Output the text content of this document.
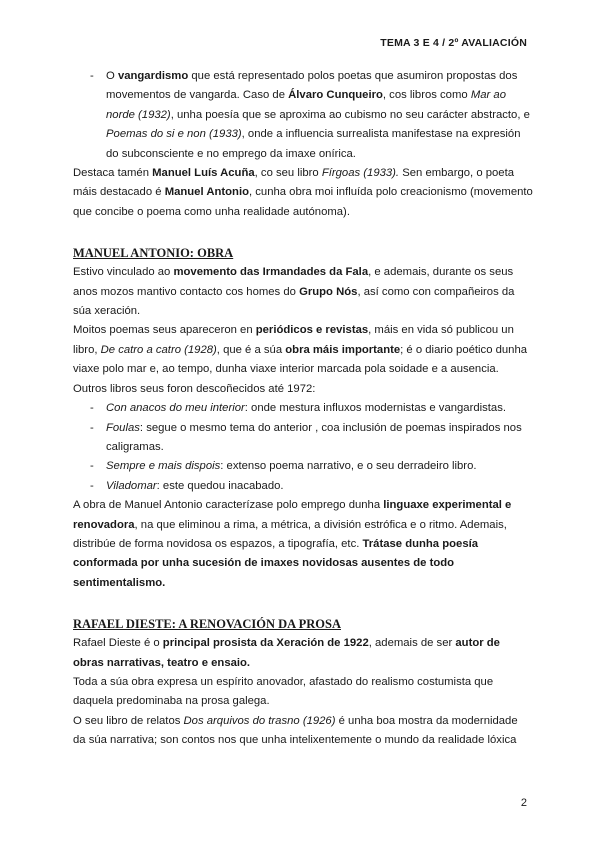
TEMA 3 E 4 / 2º AVALIACIÓN
- O vangardismo que está representado polos poetas que asumiron propostas dos movementos de vangarda. Caso de Álvaro Cunqueiro, cos libros como Mar ao norde (1932), unha poesía que se aproxima ao cubismo no seu carácter abstracto, e Poemas do si e non (1933), onde a influencia surrealista manifestase na expresión do subconsciente e no emprego da imaxe onírica.

Destaca tamén Manuel Luís Acuña, co seu libro Fírgoas (1933). Sen embargo, o poeta máis destacado é Manuel Antonio, cunha obra moi influída polo creacionismo (movemento que concibe o poema como unha realidade autónoma).

MANUEL ANTONIO: OBRA

Estivo vinculado ao movemento das Irmandades da Fala, e ademais, durante os seus anos mozos mantivo contacto cos homes do Grupo Nós, así como con compañeiros da súa xeración.

Moitos poemas seus apareceron en periódicos e revistas, máis en vida só publicou un libro, De catro a catro (1928), que é a súa obra máis importante; é o diario poético dunha viaxe polo mar e, ao tempo, dunha viaxe interior marcada pola soidade e a ausencia.

Outros libros seus foron descoñecidos até 1972:

- Con anacos do meu interior: onde mestura influxos modernistas e vangardistas.
- Foulas: segue o mesmo tema do anterior , coa inclusión de poemas inspirados nos caligramas.
- Sempre e mais dispois: extenso poema narrativo, e o seu derradeiro libro.
- Viladomar: este quedou inacabado.

A obra de Manuel Antonio caracterízase polo emprego dunha linguaxe experimental e renovadora, na que eliminou a rima, a métrica, a división estrófica e o ritmo. Ademais, distribúe de forma novidosa os espazos, a tipografía, etc. Trátase dunha poesía conformada por unha sucesión de imaxes novidosas ausentes de todo sentimentalismo.

RAFAEL DIESTE: A RENOVACIÓN DA PROSA

Rafael Dieste é o principal prosista da Xeración de 1922, ademais de ser autor de obras narrativas, teatro e ensaio.

Toda a súa obra expresa un espírito anovador, afastado do realismo costumista que daquela predominaba na prosa galega.

O seu libro de relatos Dos arquivos do trasno (1926) é unha boa mostra da modernidade da súa narrativa; son contos nos que unha intelixentemente o mundo da realidade lóxica

2
